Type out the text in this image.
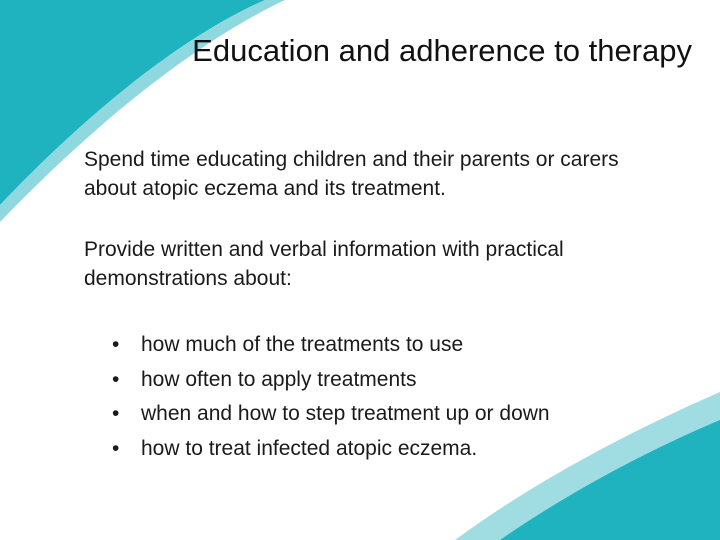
Education and adherence to therapy

Spend time educating children and their parents or carers about atopic eczema and its treatment.

Provide written and verbal information with practical demonstrations about:

•	how much of the treatments to use
•	how often to apply treatments
•	when and how to step treatment up or down
•	how to treat infected atopic eczema.
